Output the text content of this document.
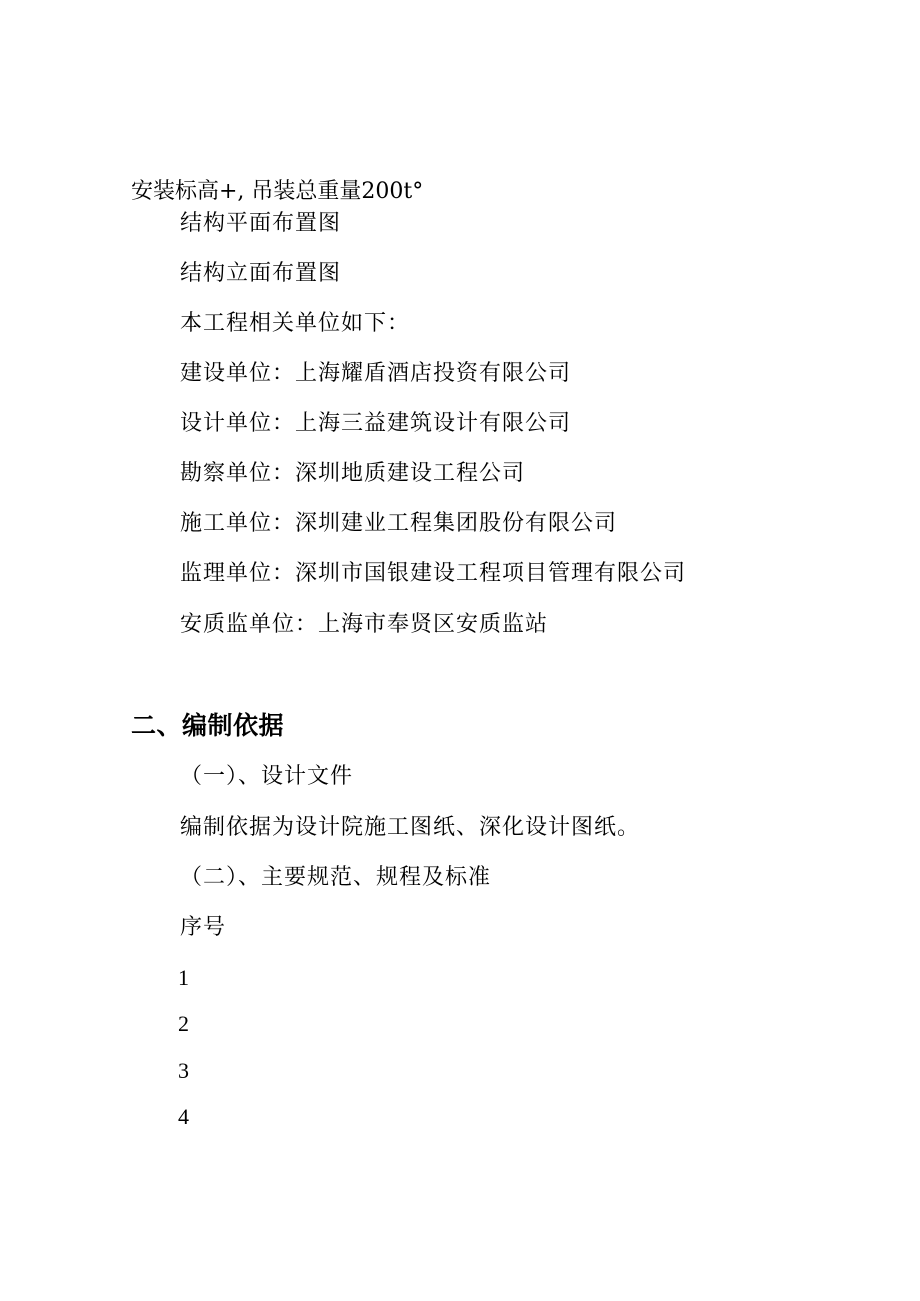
安装标高+, 吊装总重量200t°
结构平面布置图
结构立面布置图
本工程相关单位如下：
建设单位：上海耀盾酒店投资有限公司
设计单位：上海三益建筑设计有限公司
勘察单位：深圳地质建设工程公司
施工单位：深圳建业工程集团股份有限公司
监理单位：深圳市国银建设工程项目管理有限公司
安质监单位：上海市奉贤区安质监站
二、编制依据
（一）、设计文件
编制依据为设计院施工图纸、深化设计图纸。
（二）、主要规范、规程及标准
序号
1
2
3
4
